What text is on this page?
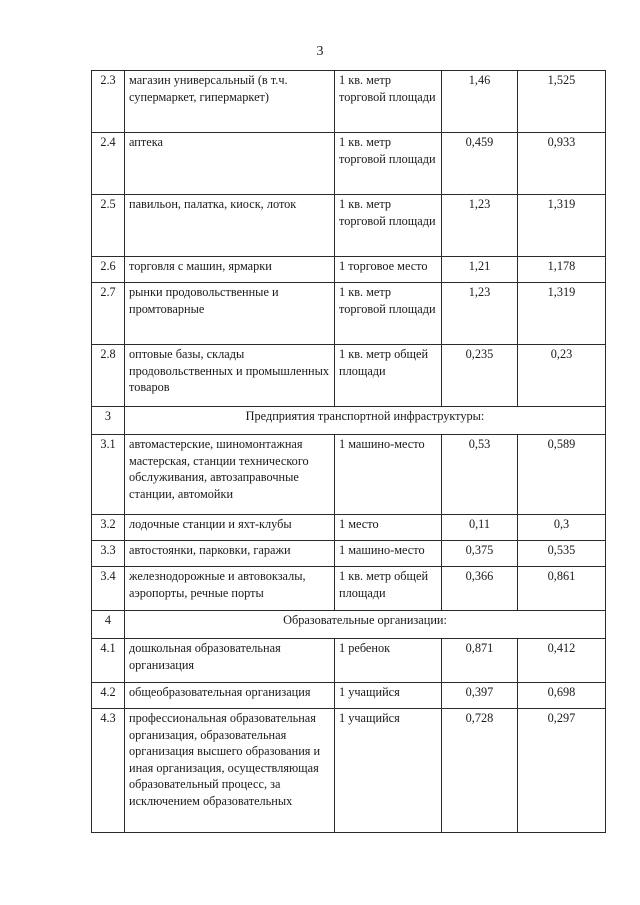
3
2.3	магазин универсальный (в т.ч. супермаркет, гипермаркет)	1 кв. метр торговой площади	1,46	1,525
2.4	аптека	1 кв. метр торговой площади	0,459	0,933
2.5	павильон, палатка, киоск, лоток	1 кв. метр торговой площади	1,23	1,319
2.6	торговля с машин, ярмарки	1 торговое место	1,21	1,178
2.7	рынки продовольственные и промтоварные	1 кв. метр торговой площади	1,23	1,319
2.8	оптовые базы, склады продовольственных и промышленных товаров	1 кв. метр общей площади	0,235	0,23
3	Предприятия транспортной инфраструктуры:			
3.1	автомастерские, шиномонтажная мастерская, станции технического обслуживания, автозаправочные станции, автомойки	1 машино-место	0,53	0,589
3.2	лодочные станции и яхт-клубы	1 место	0,11	0,3
3.3	автостоянки, парковки, гаражи	1 машино-место	0,375	0,535
3.4	железнодорожные и автовокзалы, аэропорты, речные порты	1 кв. метр общей площади	0,366	0,861
4	Образовательные организации:			
4.1	дошкольная образовательная организация	1 ребенок	0,871	0,412
4.2	общеобразовательная организация	1 учащийся	0,397	0,698
4.3	профессиональная образовательная организация, образовательная организация высшего образования и иная организация, осуществляющая образовательный процесс, за исключением образовательных	1 учащийся	0,728	0,297
